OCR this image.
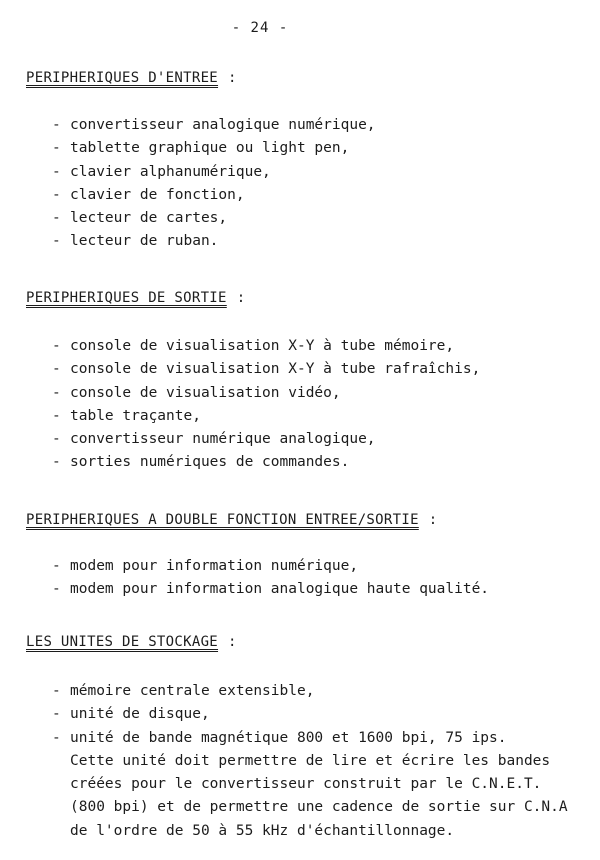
- 24 -
PERIPHERIQUES D'ENTREE :
- convertisseur analogique numérique,
- tablette graphique ou light pen,
- clavier alphanumérique,
- clavier de fonction,
- lecteur de cartes,
- lecteur de ruban.
PERIPHERIQUES DE SORTIE :
- console de visualisation X-Y à tube mémoire,
- console de visualisation X-Y à tube rafraîchis,
- console de visualisation vidéo,
- table traçante,
- convertisseur numérique analogique,
- sorties numériques de commandes.
PERIPHERIQUES A DOUBLE FONCTION ENTREE/SORTIE :
- modem pour information numérique,
- modem pour information analogique haute qualité.
LES UNITES DE STOCKAGE :
- mémoire centrale extensible,
- unité de disque,
- unité de bande magnétique 800 et 1600 bpi, 75 ips.
Cette unité doit permettre de lire et écrire les bandes
créées pour le convertisseur construit par le C.N.E.T.
(800 bpi) et de permettre une cadence de sortie sur C.N.A
de l'ordre de 50 à 55 kHz d'échantillonnage.
